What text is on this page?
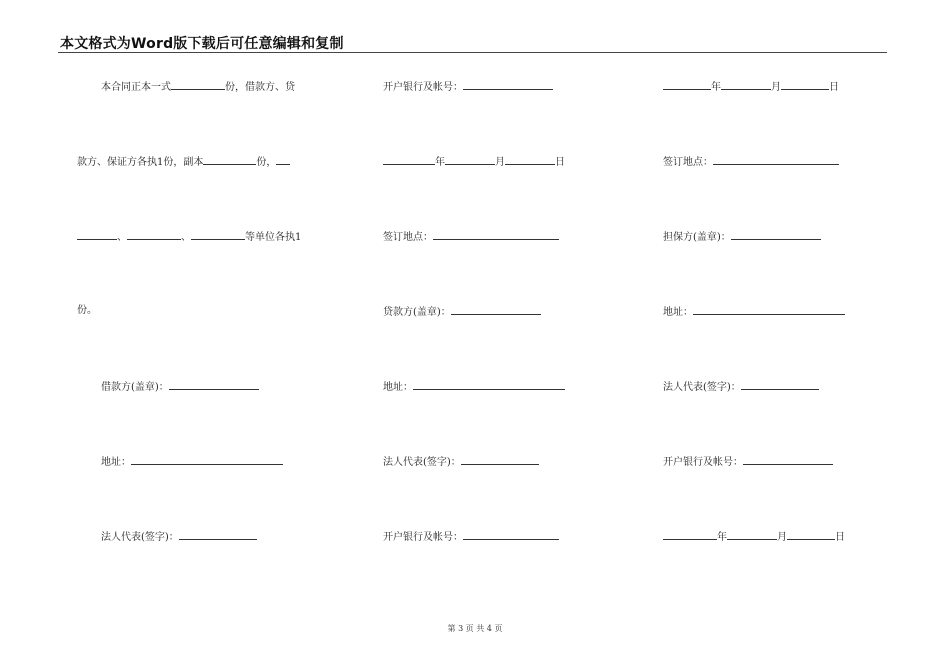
本文格式为Word版下载后可任意编辑和复制
本合同正本一式	份，借款方、贷
款方、保证方各执1份，副本	份，
、	、	等单位各执1
份。
借款方(盖章)：
地址：
法人代表(签字)：
开户银行及帐号：
年	月	日
签订地点：
贷款方(盖章)：
地址：
法人代表(签字)：
开户银行及帐号：
年	月	日
签订地点：
担保方(盖章)：
地址：
法人代表(签字)：
开户银行及帐号：
年	月	日
第 3 页 共 4 页
